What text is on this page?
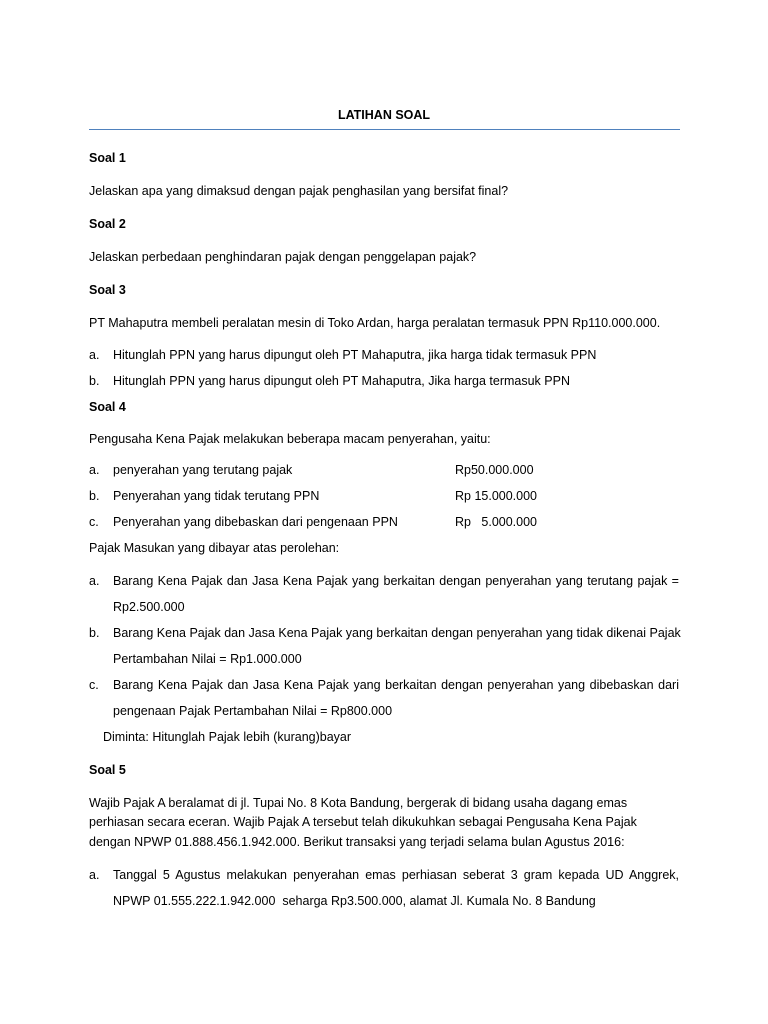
LATIHAN SOAL
Soal 1
Jelaskan apa yang dimaksud dengan pajak penghasilan yang bersifat final?
Soal 2
Jelaskan perbedaan penghindaran pajak dengan penggelapan pajak?
Soal 3
PT Mahaputra membeli peralatan mesin di Toko Ardan, harga peralatan termasuk PPN Rp110.000.000.
a. Hitunglah PPN yang harus dipungut oleh PT Mahaputra, jika harga tidak termasuk PPN
b. Hitunglah PPN yang harus dipungut oleh PT Mahaputra, Jika harga termasuk PPN
Soal 4
Pengusaha Kena Pajak melakukan beberapa macam penyerahan, yaitu:
a. penyerahan yang terutang pajak	Rp50.000.000
b. Penyerahan yang tidak terutang PPN	Rp 15.000.000
c. Penyerahan yang dibebaskan dari pengenaan PPN	Rp   5.000.000
Pajak Masukan yang dibayar atas perolehan:
a. Barang Kena Pajak dan Jasa Kena Pajak yang berkaitan dengan penyerahan yang terutang pajak =
Rp2.500.000
b. Barang Kena Pajak dan Jasa Kena Pajak yang berkaitan dengan penyerahan yang tidak dikenai Pajak
Pertambahan Nilai = Rp1.000.000
c. Barang Kena Pajak dan Jasa Kena Pajak yang berkaitan dengan penyerahan yang dibebaskan dari
pengenaan Pajak Pertambahan Nilai = Rp800.000
Diminta: Hitunglah Pajak lebih (kurang)bayar
Soal 5
Wajib Pajak A beralamat di jl. Tupai No. 8 Kota Bandung, bergerak di bidang usaha dagang emas
perhiasan secara eceran. Wajib Pajak A tersebut telah dikukuhkan sebagai Pengusaha Kena Pajak
dengan NPWP 01.888.456.1.942.000. Berikut transaksi yang terjadi selama bulan Agustus 2016:
a. Tanggal 5 Agustus melakukan penyerahan emas perhiasan seberat 3 gram kepada UD Anggrek,
NPWP 01.555.222.1.942.000  seharga Rp3.500.000, alamat Jl. Kumala No. 8 Bandung
